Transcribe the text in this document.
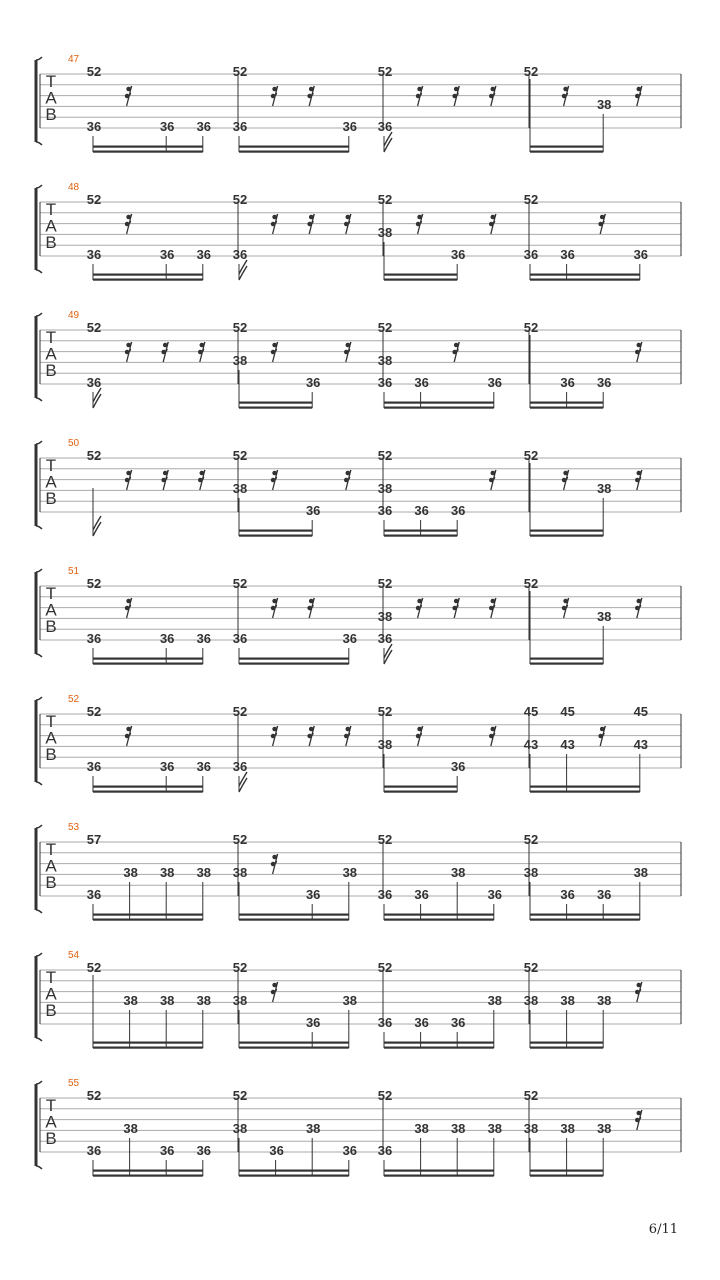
T
A
B
47
52
36	36 36
52
36	36
52
36
52
38
T
A
B
48
52
36	36 36
52
36
52
38
36
52
36 36	36
T
A
B
49
52
36
52
38
36
52
38
36 36	36
52
36 36
T
A
B
50
52	52
38
36
52
38
36 36 36
52
38
T
A
B
51
52
36	36 36
52
36	36
52
38
36
52
38
T
A
B
52
52
36	36 36
52
36
52
38
36
45
43
45
43
45
43
T
A
B
53
57
36
38 38 38
52
38
36
38
52
36 36
38
36
52
38
36 36
38
T
A
B
54
52
38 38 38
52
38
36
38
52
36 36 36
38
52
38 38 38
T
A
B
55
52
36
38
36 36
52
38
36
38
36
52
36
38 38 38
52
38 38 38
6/11
